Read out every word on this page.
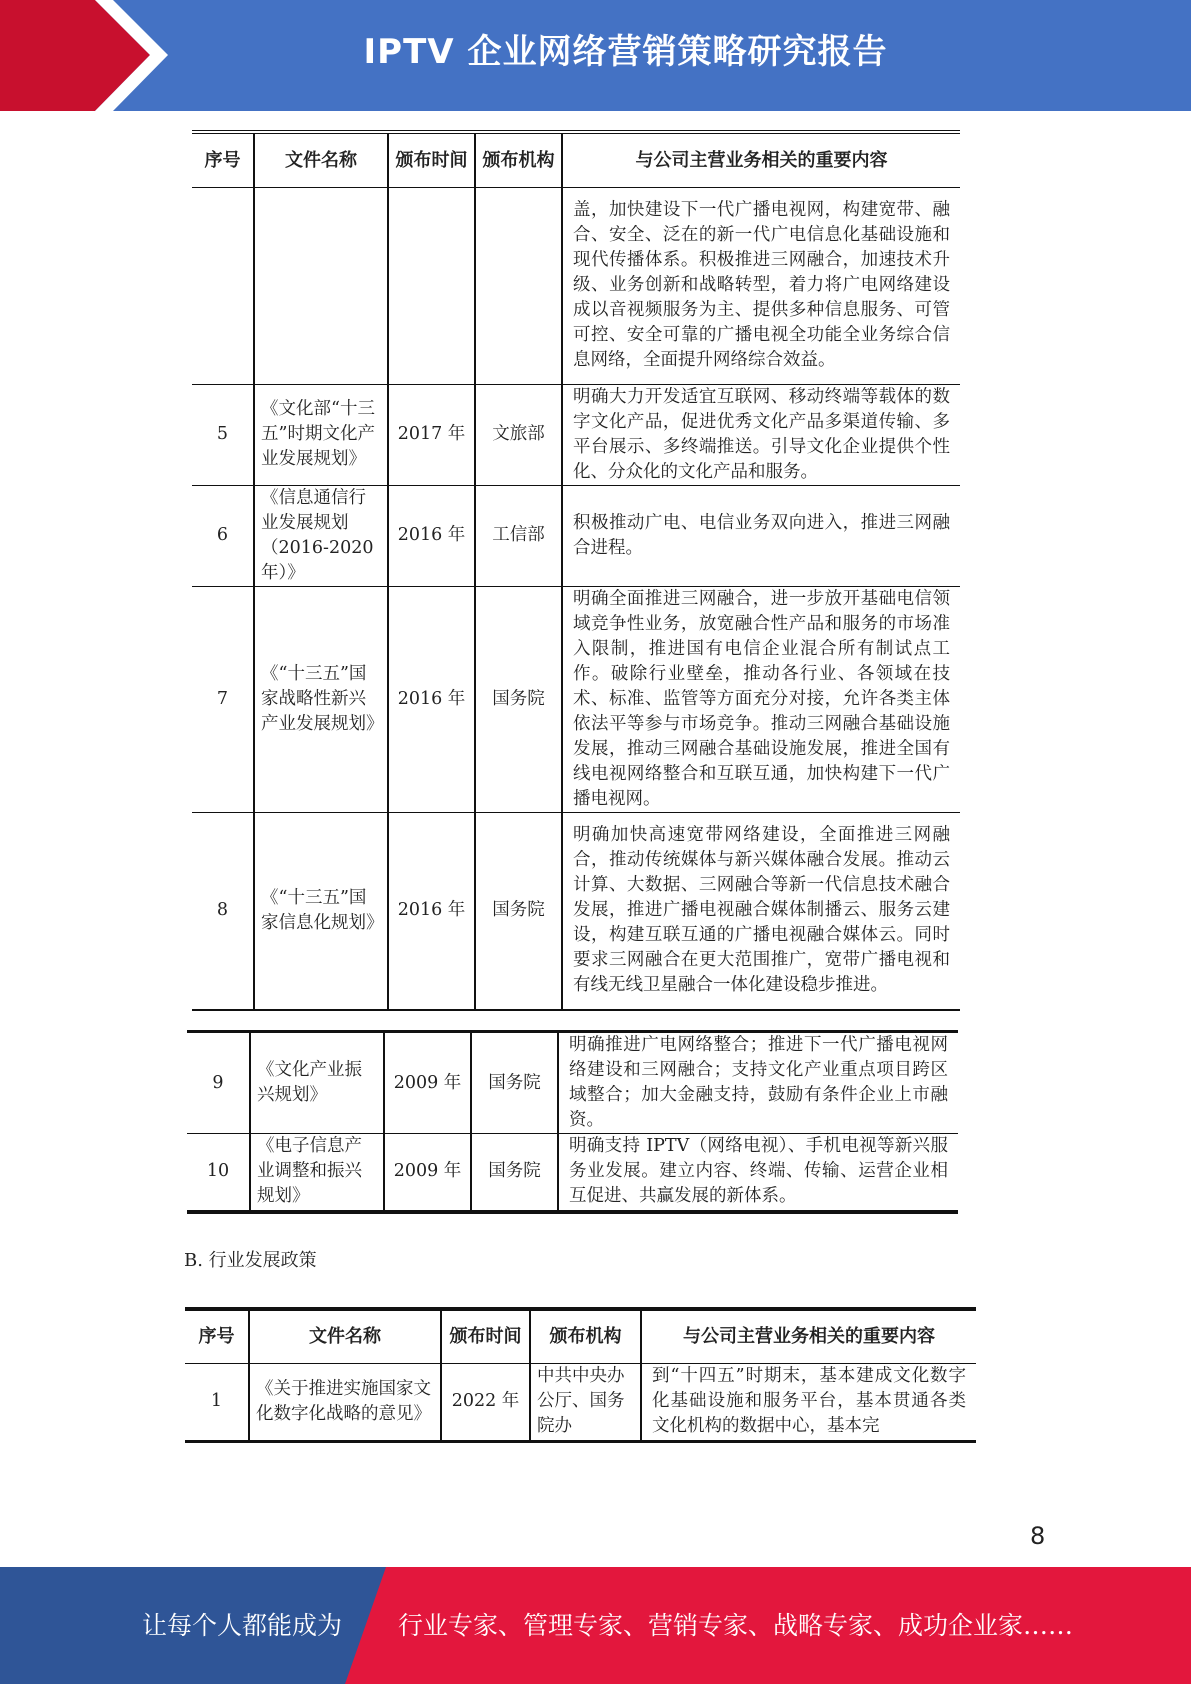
IPTV 企业网络营销策略研究报告
序号	文件名称	颁布时间	颁布机构	与公司主营业务相关的重要内容
				盖，加快建设下一代广播电视网，构建宽带、融合、安全、泛在的新一代广电信息化基础设施和现代传播体系。积极推进三网融合，加速技术升级、业务创新和战略转型，着力将广电网络建设成以音视频服务为主、提供多种信息服务、可管可控、安全可靠的广播电视全功能全业务综合信息网络，全面提升网络综合效益。
5	《文化部“十三五”时期文化产业发展规划》	2017 年	文旅部	明确大力开发适宜互联网、移动终端等载体的数字文化产品，促进优秀文化产品多渠道传输、多平台展示、多终端推送。引导文化企业提供个性化、分众化的文化产品和服务。
6	《信息通信行业发展规划（2016-2020年）》	2016 年	工信部	积极推动广电、电信业务双向进入，推进三网融合进程。
7	《“十三五”国家战略性新兴产业发展规划》	2016 年	国务院	明确全面推进三网融合，进一步放开基础电信领域竞争性业务，放宽融合性产品和服务的市场准入限制，推进国有电信企业混合所有制试点工作。破除行业壁垒，推动各行业、各领域在技术、标准、监管等方面充分对接，允许各类主体依法平等参与市场竞争。推动三网融合基础设施发展，推动三网融合基础设施发展，推进全国有线电视网络整合和互联互通，加快构建下一代广播电视网。
8	《“十三五”国家信息化规划》	2016 年	国务院	明确加快高速宽带网络建设，全面推进三网融合，推动传统媒体与新兴媒体融合发展。推动云计算、大数据、三网融合等新一代信息技术融合发展，推进广播电视融合媒体制播云、服务云建设，构建互联互通的广播电视融合媒体云。同时要求三网融合在更大范围推广，宽带广播电视和有线无线卫星融合一体化建设稳步推进。
9	《文化产业振兴规划》	2009 年	国务院	明确推进广电网络整合；推进下一代广播电视网络建设和三网融合；支持文化产业重点项目跨区域整合；加大金融支持，鼓励有条件企业上市融资。
10	《电子信息产业调整和振兴规划》	2009 年	国务院	明确支持 IPTV（网络电视）、手机电视等新兴服务业发展。建立内容、终端、传输、运营企业相互促进、共赢发展的新体系。
B. 行业发展政策
序号	文件名称	颁布时间	颁布机构	与公司主营业务相关的重要内容
1	《关于推进实施国家文化数字化战略的意见》	2022 年	中共中央办公厅、国务院办	到“十四五”时期末，基本建成文化数字化基础设施和服务平台，基本贯通各类文化机构的数据中心，基本完
8
让每个人都能成为 行业专家、管理专家、营销专家、战略专家、成功企业家……
